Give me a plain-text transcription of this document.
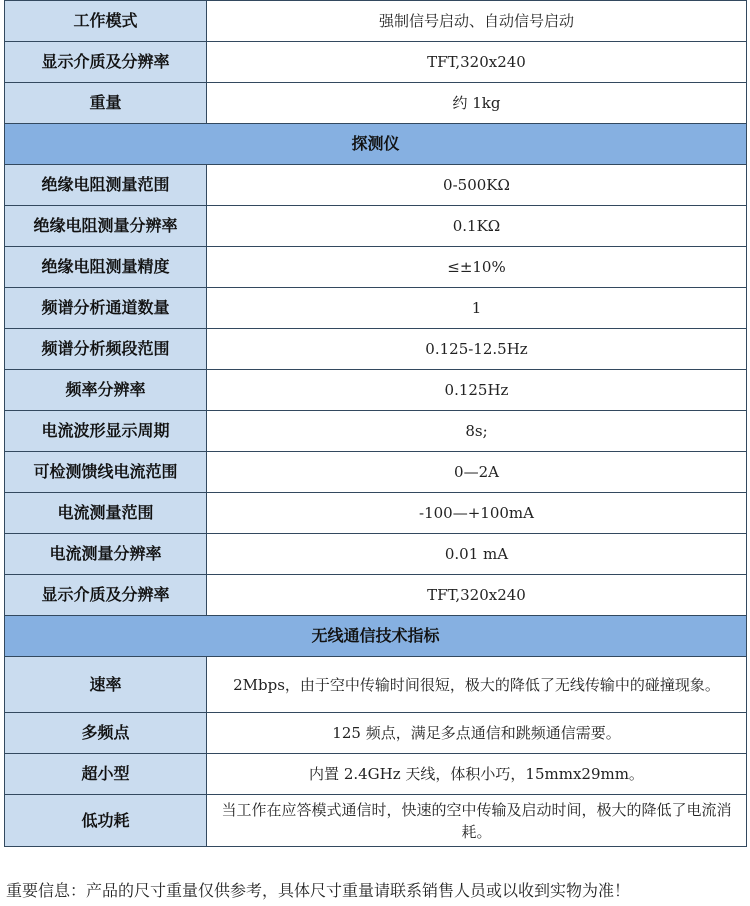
工作模式	强制信号启动、自动信号启动
显示介质及分辨率	TFT,320x240
重量	约 1kg
探测仪	
绝缘电阻测量范围	0-500KΩ
绝缘电阻测量分辨率	0.1KΩ
绝缘电阻测量精度	≤±10%
频谱分析通道数量	1
频谱分析频段范围	0.125-12.5Hz
频率分辨率	0.125Hz
电流波形显示周期	8s;
可检测馈线电流范围	0—2A
电流测量范围	-100—+100mA
电流测量分辨率	0.01 mA
显示介质及分辨率	TFT,320x240
无线通信技术指标	
速率	2Mbps，由于空中传输时间很短，极大的降低了无线传输中的碰撞现象。
多频点	125 频点，满足多点通信和跳频通信需要。
超小型	内置 2.4GHz 天线，体积小巧，15mmx29mm。
低功耗	当工作在应答模式通信时，快速的空中传输及启动时间，极大的降低了电流消耗。
重要信息：产品的尺寸重量仅供参考，具体尺寸重量请联系销售人员或以收到实物为准！
